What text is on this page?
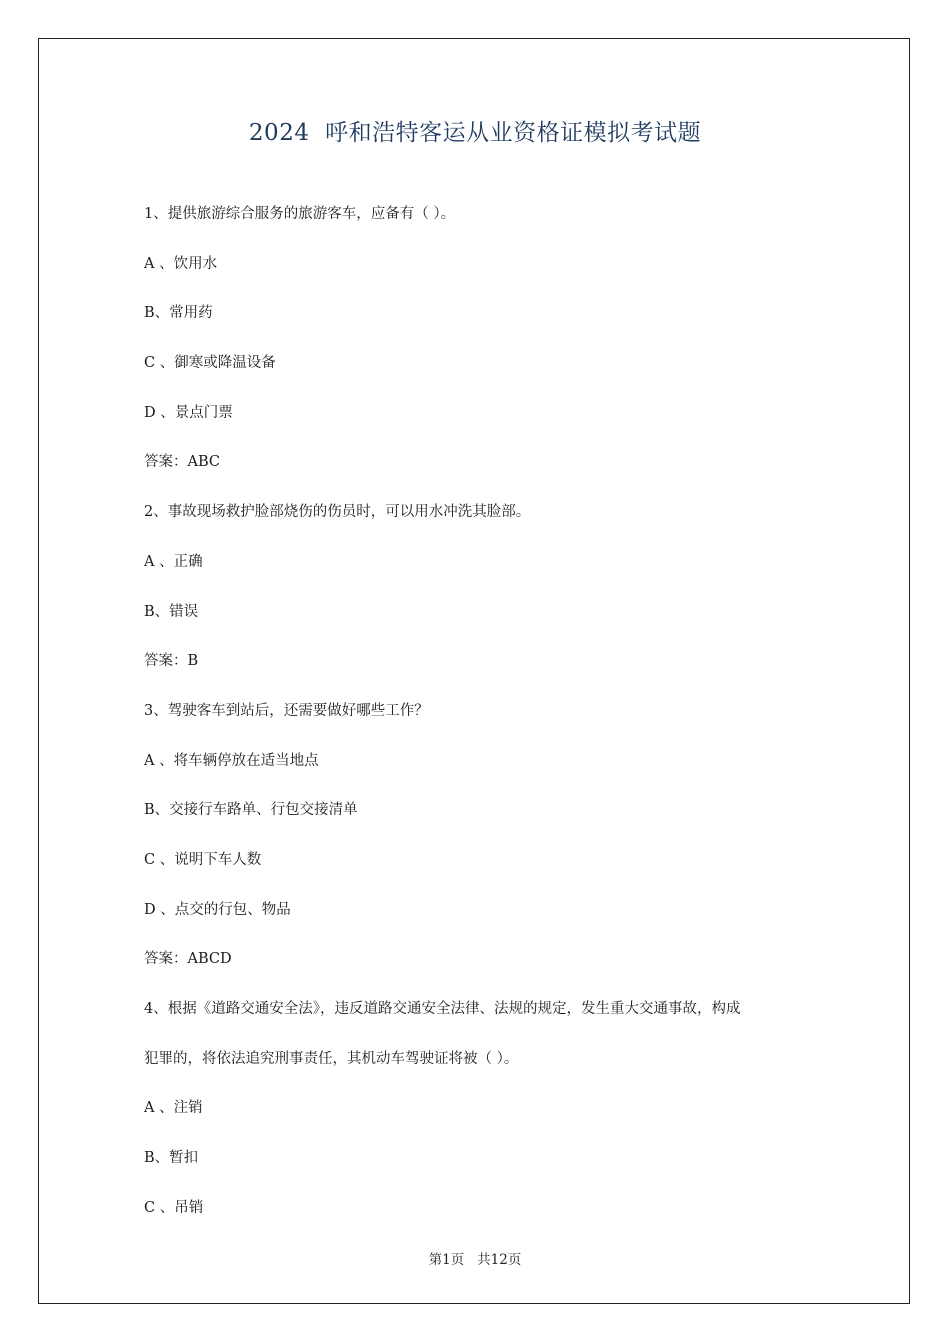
2024  呼和浩特客运从业资格证模拟考试题
1、提供旅游综合服务的旅游客车，应备有（ ）。
A 、饮用水
B、常用药
C 、御寒或降温设备
D 、景点门票
答案：ABC
2、事故现场救护脸部烧伤的伤员时，可以用水冲洗其脸部。
A 、正确
B、错误
答案：B
3、驾驶客车到站后，还需要做好哪些工作？
A 、将车辆停放在适当地点
B、交接行车路单、行包交接清单
C 、说明下车人数
D 、点交的行包、物品
答案：ABCD
4、根据《道路交通安全法》，违反道路交通安全法律、法规的规定，发生重大交通事故，构成
犯罪的，将依法追究刑事责任，其机动车驾驶证将被（ ）。
A 、注销
B、暂扣
C 、吊销
第1页 共12页
